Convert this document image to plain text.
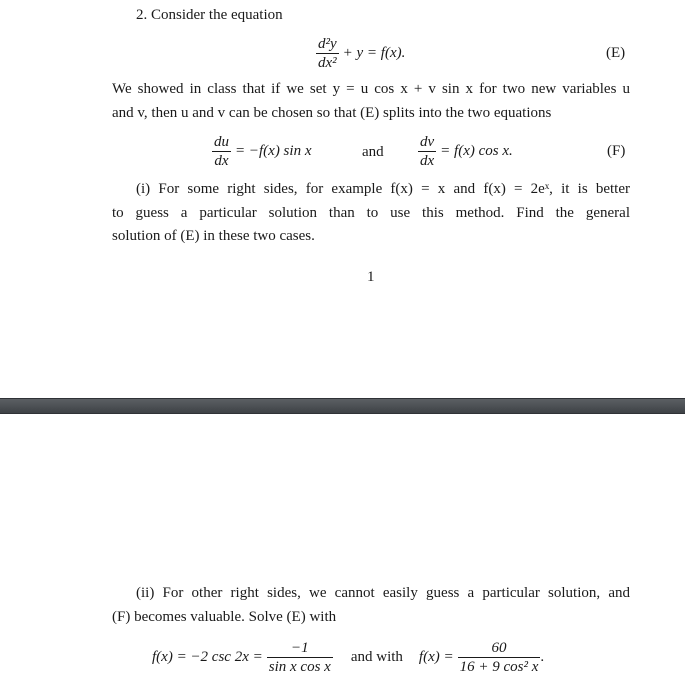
2. Consider the equation
$\frac{\text{d²y}}{\text{dx²}} + y = f(x)$.	(E)
We showed in class that if we set y = u cos x + v sin x for two new variables u
and v, then u and v can be chosen so that (E) splits into the two equations
$\frac{du}{dx} = -f(x)$ sin x	and $\frac{dv}{dx} = f(x)$ cos x.	(F)
(i) For some right sides, for example f(x) = x and f(x) = 2eˣ, it is better
to guess a particular solution than to use this method. Find the general
solution of (E) in these two cases.
1
(ii) For other right sides, we cannot easily guess a particular solution, and
(F) becomes valuable. Solve (E) with
f(x) = −2 $\csc 2x = \frac{-1}{\text{sin x cos x}}$ and with $f(x) = \frac{60}{\text{16 + 9 cos² x}}$ .
